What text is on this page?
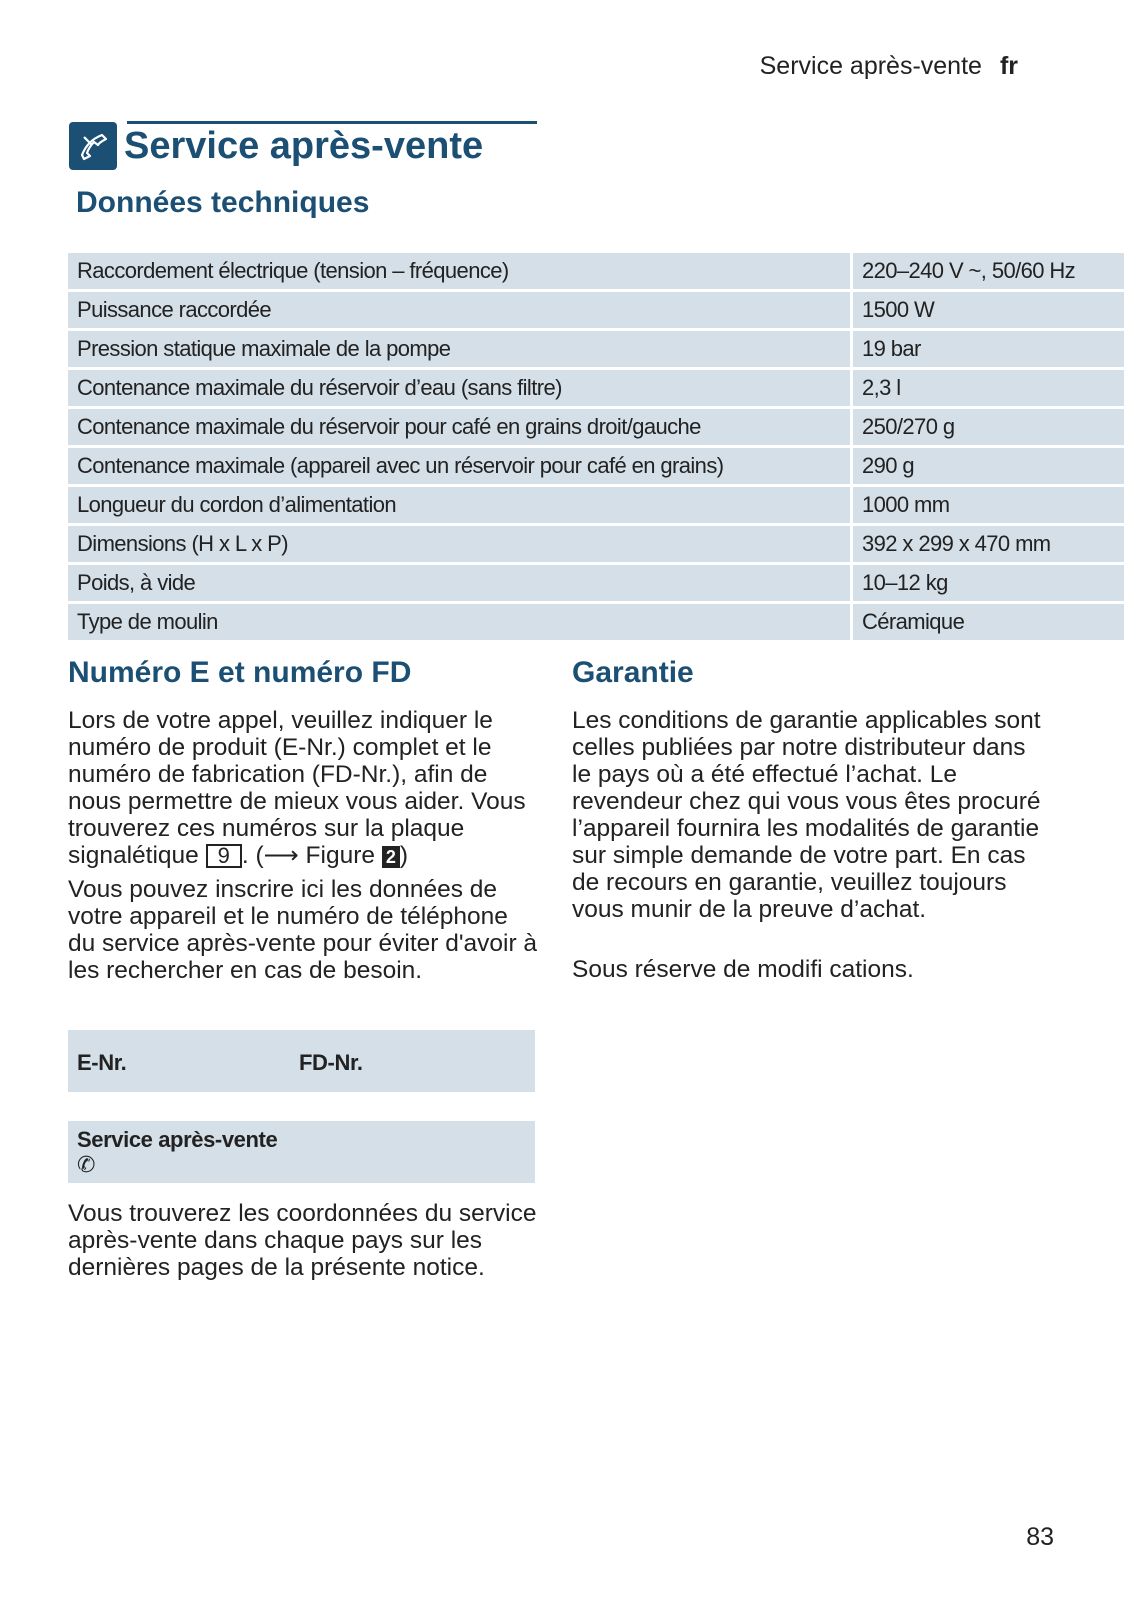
Service après-vente fr
Service après-vente
Données techniques
Raccordement électrique (tension – fréquence)	220–240 V ~, 50/60 Hz
Puissance raccordée	1500 W
Pression statique maximale de la pompe	19 bar
Contenance maximale du réservoir d’eau (sans filtre)	2,3 l
Contenance maximale du réservoir pour café en grains droit/gauche	250/270 g
Contenance maximale (appareil avec un réservoir pour café en grains)	290 g
Longueur du cordon d’alimentation	1000 mm
Dimensions (H x L x P)	392 x 299 x 470 mm
Poids, à vide	10–12 kg
Type de moulin	Céramique
Numéro E et numéro FD

Lors de votre appel, veuillez indiquer le numéro de produit (E-Nr.) complet et le numéro de fabrication (FD-Nr.), afin de nous permettre de mieux vous aider. Vous trouverez ces numéros sur la plaque signalétique 9 . (⟶ Figure 2 )

Vous pouvez inscrire ici les données de votre appareil et le numéro de téléphone du service après-vente pour éviter d'avoir à les rechercher en cas de besoin.

E-Nr.	FD-Nr.
Service après-vente
✆

Vous trouverez les coordonnées du service après-vente dans chaque pays sur les dernières pages de la présente notice.

Garantie

Les conditions de garantie applicables sont celles publiées par notre distributeur dans le pays où a été effectué l’achat. Le revendeur chez qui vous vous êtes procuré l’appareil fournira les modalités de garantie sur simple demande de votre part. En cas de recours en garantie, veuillez toujours vous munir de la preuve d’achat.

Sous réserve de modifi cations.

83
